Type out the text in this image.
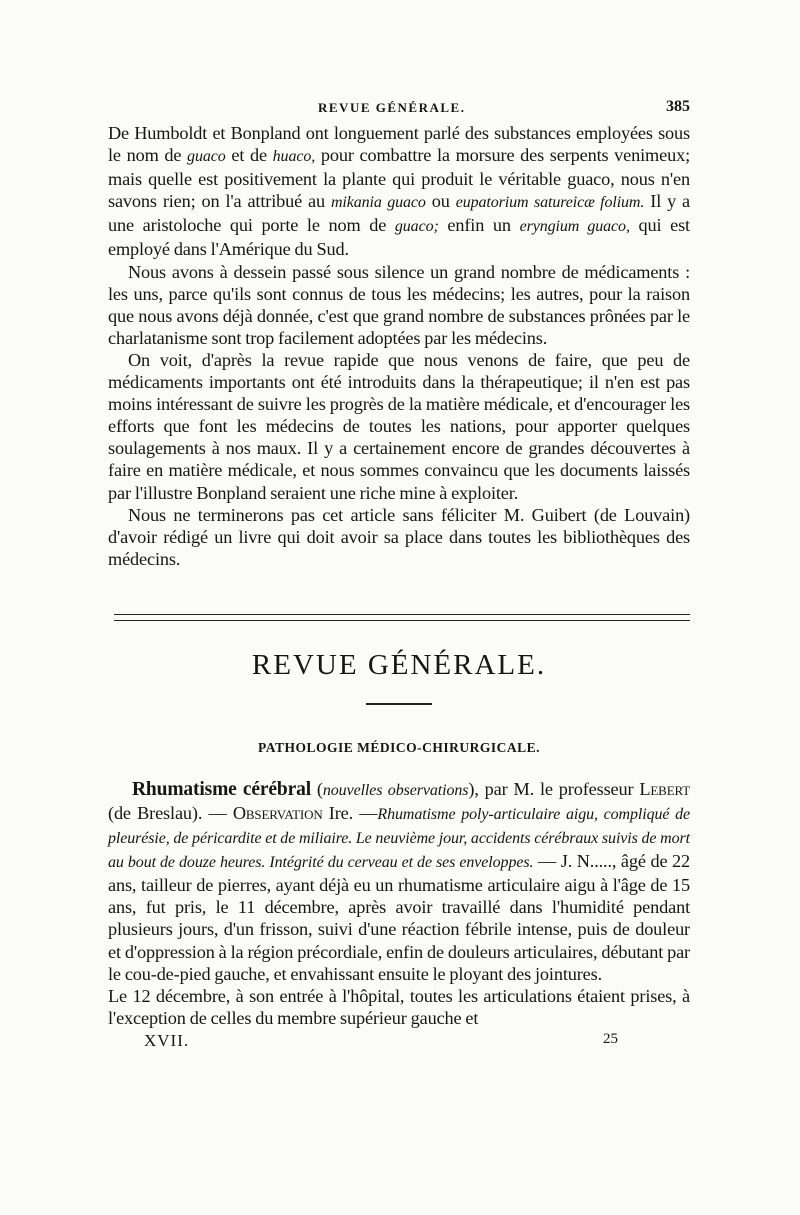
REVUE GÉNÉRALE.	385

De Humboldt et Bonpland ont longuement parlé des substances employées sous le nom de guaco et de huaco, pour combattre la morsure des serpents venimeux; mais quelle est positivement la plante qui produit le véritable guaco, nous n'en savons rien; on l'a attribué au mikania guaco ou eupatorium satureicæ folium. Il y a une aristoloche qui porte le nom de guaco; enfin un eryngium guaco, qui est employé dans l'Amérique du Sud.

Nous avons à dessein passé sous silence un grand nombre de médicaments : les uns, parce qu'ils sont connus de tous les médecins; les autres, pour la raison que nous avons déjà donnée, c'est que grand nombre de substances prônées par le charlatanisme sont trop facilement adoptées par les médecins.

On voit, d'après la revue rapide que nous venons de faire, que peu de médicaments importants ont été introduits dans la thérapeutique; il n'en est pas moins intéressant de suivre les progrès de la matière médicale, et d'encourager les efforts que font les médecins de toutes les nations, pour apporter quelques soulagements à nos maux. Il y a certainement encore de grandes découvertes à faire en matière médicale, et nous sommes convaincu que les documents laissés par l'illustre Bonpland seraient une riche mine à exploiter.

Nous ne terminerons pas cet article sans féliciter M. Guibert (de Louvain) d'avoir rédigé un livre qui doit avoir sa place dans toutes les bibliothèques des médecins.

REVUE GÉNÉRALE.
PATHOLOGIE MÉDICO-CHIRURGICALE.

Rhumatisme cérébral (nouvelles observations), par M. le professeur Lebert (de Breslau). — Observation Ire. —Rhumatisme poly-articulaire aigu, compliqué de pleurésie, de péricardite et de miliaire. Le neuvième jour, accidents cérébraux suivis de mort au bout de douze heures. Intégrité du cerveau et de ses enveloppes. — J. N....., âgé de 22 ans, tailleur de pierres, ayant déjà eu un rhumatisme articulaire aigu à l'âge de 15 ans, fut pris, le 11 décembre, après avoir travaillé dans l'humidité pendant plusieurs jours, d'un frisson, suivi d'une réaction fébrile intense, puis de douleur et d'oppression à la région précordiale, enfin de douleurs articulaires, débutant par le cou-de-pied gauche, et envahissant ensuite le ployant des jointures.

Le 12 décembre, à son entrée à l'hôpital, toutes les articulations étaient prises, à l'exception de celles du membre supérieur gauche et

XVII.	25
